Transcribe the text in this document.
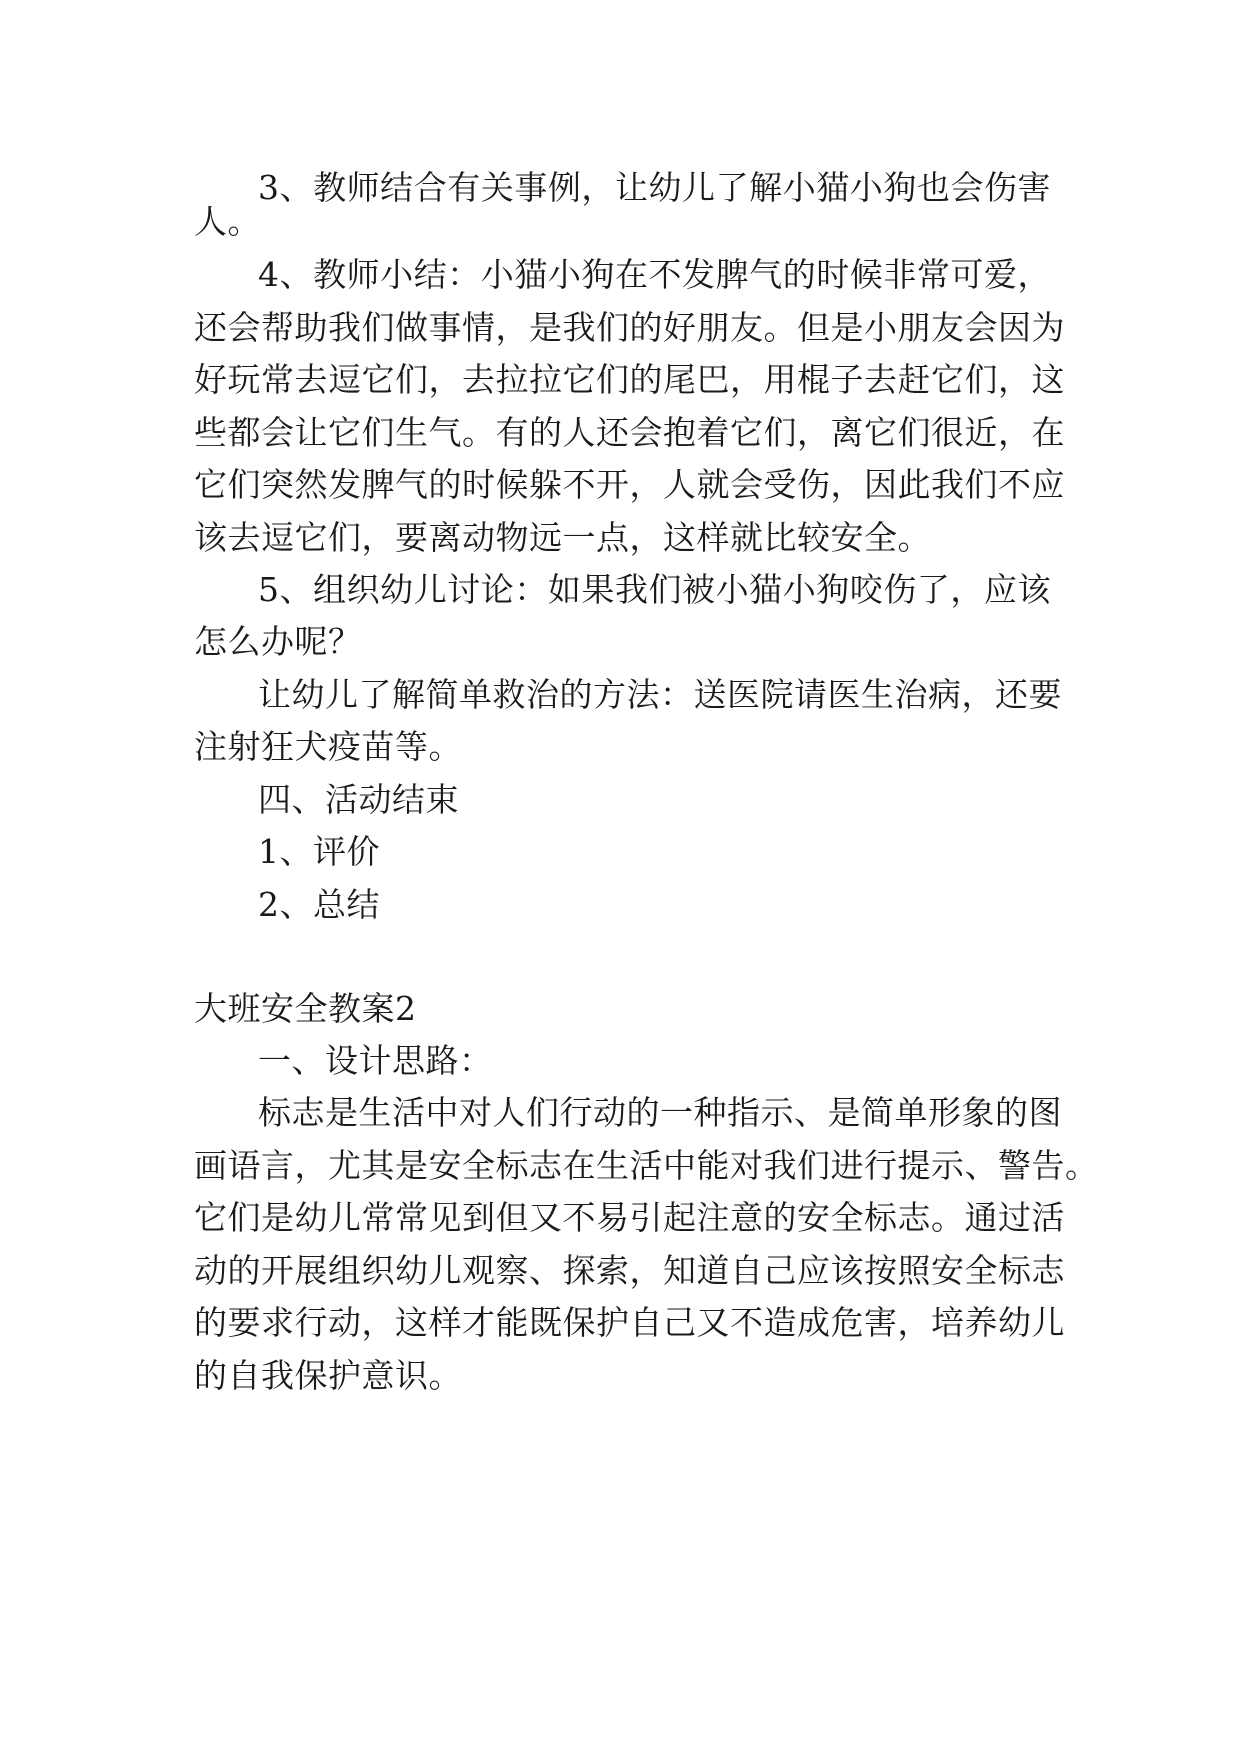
3、教师结合有关事例，让幼儿了解小猫小狗也会伤害
人。
4、教师小结：小猫小狗在不发脾气的时候非常可爱，
还会帮助我们做事情，是我们的好朋友。但是小朋友会因为
好玩常去逗它们，去拉拉它们的尾巴，用棍子去赶它们，这
些都会让它们生气。有的人还会抱着它们，离它们很近，在
它们突然发脾气的时候躲不开，人就会受伤，因此我们不应
该去逗它们，要离动物远一点，这样就比较安全。
5、组织幼儿讨论：如果我们被小猫小狗咬伤了，应该
怎么办呢？
让幼儿了解简单救治的方法：送医院请医生治病，还要
注射狂犬疫苗等。
四、活动结束
1、评价
2、总结
大班安全教案2
一、设计思路：
标志是生活中对人们行动的一种指示、是简单形象的图
画语言，尤其是安全标志在生活中能对我们进行提示、警告。
它们是幼儿常常见到但又不易引起注意的安全标志。通过活
动的开展组织幼儿观察、探索，知道自己应该按照安全标志
的要求行动，这样才能既保护自己又不造成危害，培养幼儿
的自我保护意识。
